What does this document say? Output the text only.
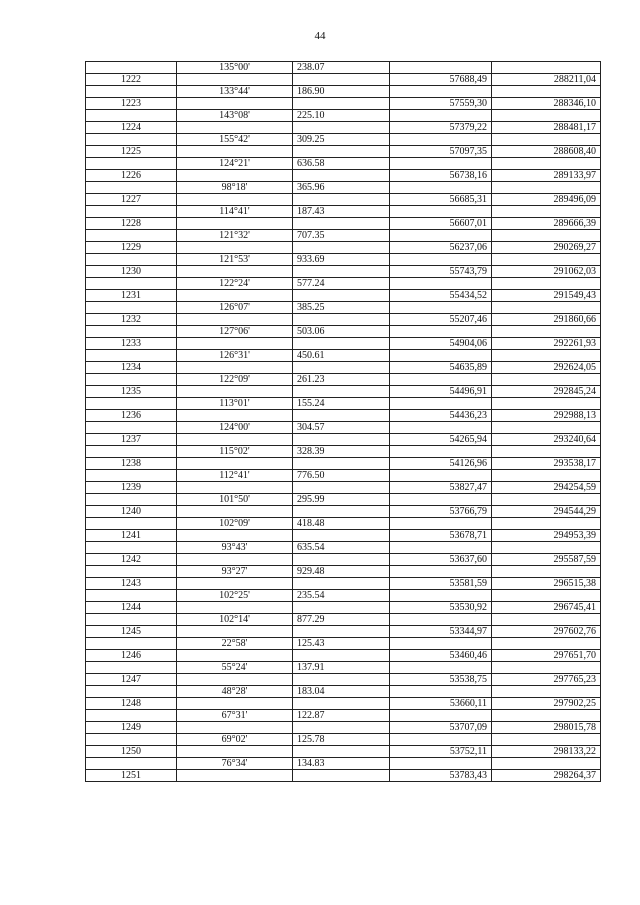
44
	135°00'	238.07		
1222			57688,49	288211,04
	133°44'	186.90		
1223			57559,30	288346,10
	143°08'	225.10		
1224			57379,22	288481,17
	155°42'	309.25		
1225			57097,35	288608,40
	124°21'	636.58		
1226			56738,16	289133,97
	98°18'	365.96		
1227			56685,31	289496,09
	114°41'	187.43		
1228			56607,01	289666,39
	121°32'	707.35		
1229			56237,06	290269,27
	121°53'	933.69		
1230			55743,79	291062,03
	122°24'	577.24		
1231			55434,52	291549,43
	126°07'	385.25		
1232			55207,46	291860,66
	127°06'	503.06		
1233			54904,06	292261,93
	126°31'	450.61		
1234			54635,89	292624,05
	122°09'	261.23		
1235			54496,91	292845,24
	113°01'	155.24		
1236			54436,23	292988,13
	124°00'	304.57		
1237			54265,94	293240,64
	115°02'	328.39		
1238			54126,96	293538,17
	112°41'	776.50		
1239			53827,47	294254,59
	101°50'	295.99		
1240			53766,79	294544,29
	102°09'	418.48		
1241			53678,71	294953,39
	93°43'	635.54		
1242			53637,60	295587,59
	93°27'	929.48		
1243			53581,59	296515,38
	102°25'	235.54		
1244			53530,92	296745,41
	102°14'	877.29		
1245			53344,97	297602,76
	22°58'	125.43		
1246			53460,46	297651,70
	55°24'	137.91		
1247			53538,75	297765,23
	48°28'	183.04		
1248			53660,11	297902,25
	67°31'	122.87		
1249			53707,09	298015,78
	69°02'	125.78		
1250			53752,11	298133,22
	76°34'	134.83		
1251			53783,43	298264,37
